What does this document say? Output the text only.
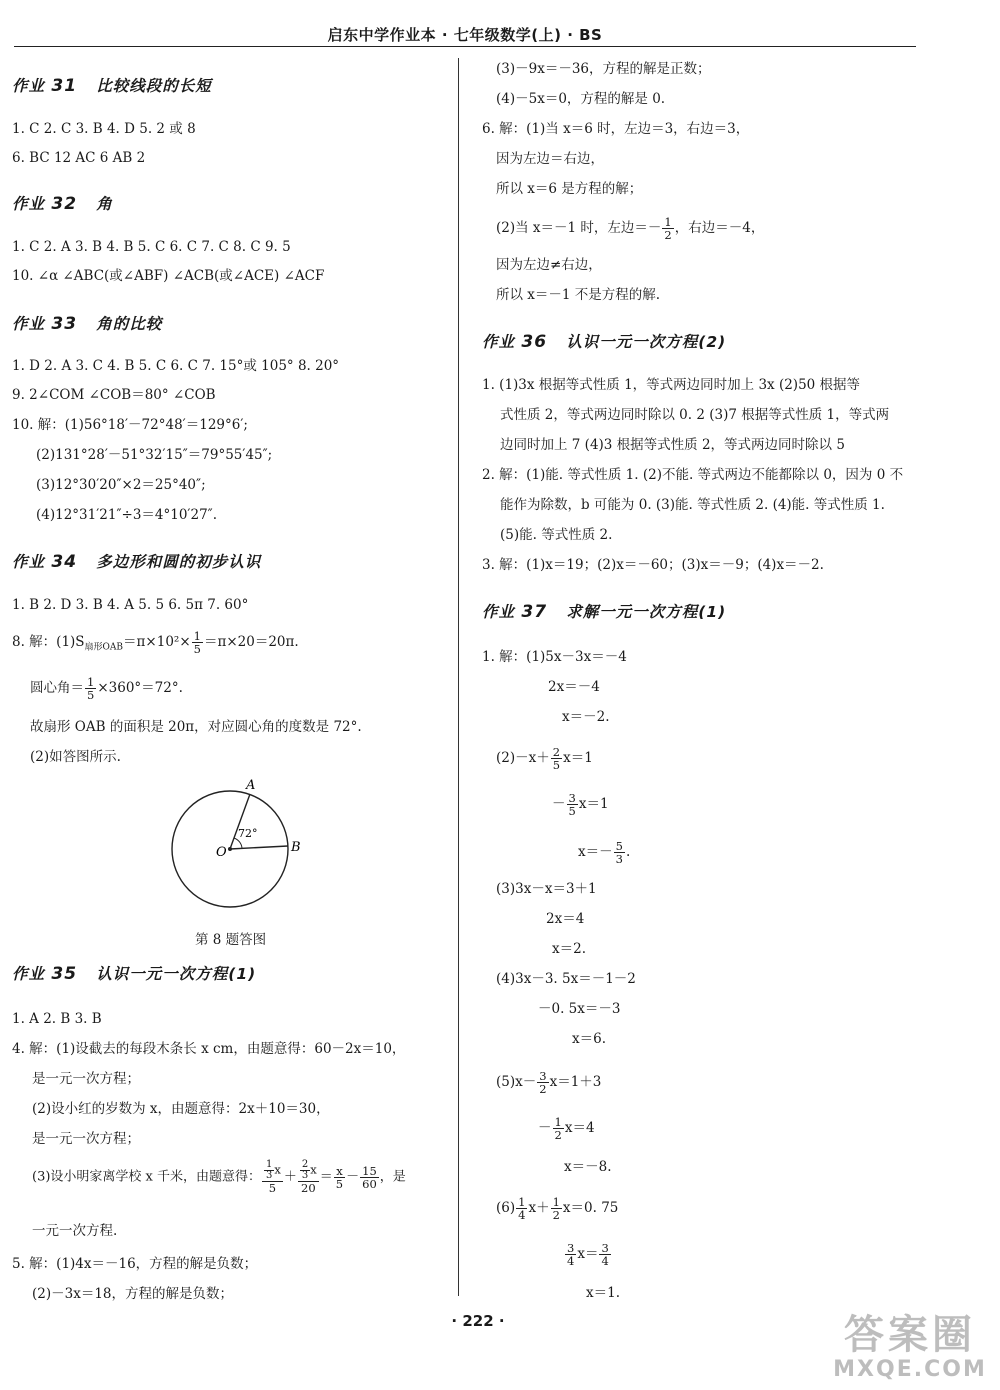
启东中学作业本 · 七年级数学(上) · BS
作业 31 比较线段的长短
1. C 2. C 3. B 4. D 5. 2 或 8
6. BC 12 AC 6 AB 2
作业 32 角
1. C 2. A 3. B 4. B 5. C 6. C 7. C 8. C 9. 5
10. ∠α ∠ABC(或∠ABF) ∠ACB(或∠ACE) ∠ACF
作业 33 角的比较
1. D 2. A 3. C 4. B 5. C 6. C 7. 15°或 105° 8. 20°
9. 2∠COM ∠COB＝80° ∠COB
10. 解：(1)56°18′－72°48′＝129°6′;
(2)131°28′－51°32′15″＝79°55′45″;
(3)12°30′20″×2＝25°40″;
(4)12°31′21″÷3＝4°10′27″.
作业 34 多边形和圆的初步认识
1. B 2. D 3. B 4. A 5. 5 6. 5π 7. 60°
8. 解：$(1)S_{扇形OAB}=\pi\times 10^2\times \frac{1}{5} =\pi\times 20=20\pi$.
圆心角＝ $\frac{1}{5} \times 360^\circ=72^\circ$.
故扇形 OAB 的面积是 20π，对应圆心角的度数是 72°.
(2)如答图所示.
作业 35 认识一元一次方程(1)
1. A 2. B 3. B
4. 解：(1)设截去的每段木条长 x cm，由题意得：60－2x＝10，
是一元一次方程；
(2)设小红的岁数为 x，由题意得：2x＋10＝30，
是一元一次方程；
(3)设小明家离学校 x 千米，由题意得： $\frac{\frac{1}{3} x}{5} + \frac{\frac{2}{3} x}{20} = \frac{x}{5} - \frac{15}{60}$ ，是
一元一次方程.
5. 解：(1)4x＝－16，方程的解是负数；
(2)－3x＝18，方程的解是负数；
A
B
O
72°
第 8 题答图
(3)－9x＝－36，方程的解是正数；
(4)－5x＝0，方程的解是 0.
6. 解：(1)当 x＝6 时，左边＝3，右边＝3，
因为左边＝右边，
所以 x＝6 是方程的解；
(2)当 x＝－1 时，左边＝－ $\frac{1}{2}$ ，右边＝－4，
因为左边≠右边，
所以 x＝－1 不是方程的解.
作业 36 认识一元一次方程(2)
1. (1)3x 根据等式性质 1，等式两边同时加上 3x (2)50 根据等
式性质 2，等式两边同时除以 0. 2 (3)7 根据等式性质 1，等式两
边同时加上 7 (4)3 根据等式性质 2，等式两边同时除以 5
2. 解：(1)能. 等式性质 1. (2)不能. 等式两边不能都除以 0，因为 0 不
能作为除数，b 可能为 0. (3)能. 等式性质 2. (4)能. 等式性质 1.
(5)能. 等式性质 2.
3. 解：(1)x＝19；(2)x＝－60；(3)x＝－9；(4)x＝－2.
作业 37 求解一元一次方程(1)
1. 解：(1)5x－3x＝－4
2x＝－4
x＝－2.
$(2)-x+ \frac{2}{5} x=1$
－ $\frac{3}{5} x=1$
$x=- \frac{5}{3}$ .
(3)3x－x＝3＋1
2x＝4
x＝2.
(4)3x－3. 5x＝－1－2
－0. 5x＝－3
x＝6.
$(5)x- \frac{3}{2} x=1+3$
－ $\frac{1}{2} x=4$
x＝－8.
$(6) \frac{1}{4} x+ \frac{1}{2} x=0$. 75
$\frac{3}{4} x= \frac{3}{4}$
x＝1.
· 222 ·	答案圈
MXQE.COM
